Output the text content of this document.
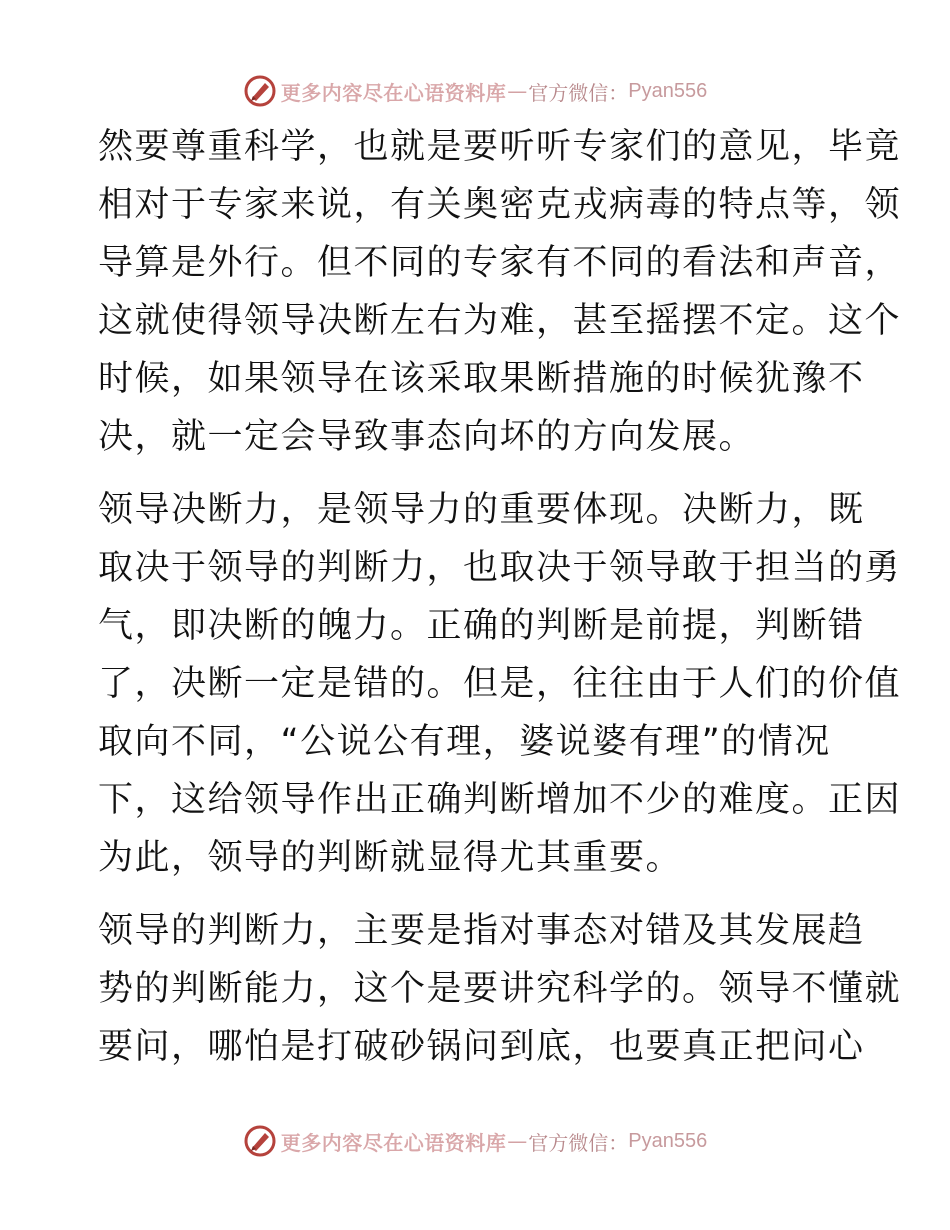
更多内容尽在心语资料库 — 官方微信： Pyan556
然要尊重科学，也就是要听听专家们的意见，毕竟
相对于专家来说，有关奥密克戎病毒的特点等，领
导算是外行。但不同的专家有不同的看法和声音，
这就使得领导决断左右为难，甚至摇摆不定。这个
时候，如果领导在该采取果断措施的时候犹豫不
决，就一定会导致事态向坏的方向发展。
领导决断力，是领导力的重要体现。决断力，既
取决于领导的判断力，也取决于领导敢于担当的勇
气，即决断的魄力。正确的判断是前提，判断错
了，决断一定是错的。但是，往往由于人们的价值
取向不同，“公说公有理，婆说婆有理”的情况
下，这给领导作出正确判断增加不少的难度。正因
为此，领导的判断就显得尤其重要。
领导的判断力，主要是指对事态对错及其发展趋
势的判断能力，这个是要讲究科学的。领导不懂就
要问，哪怕是打破砂锅问到底，也要真正把问心
更多内容尽在心语资料库 — 官方微信： Pyan556
